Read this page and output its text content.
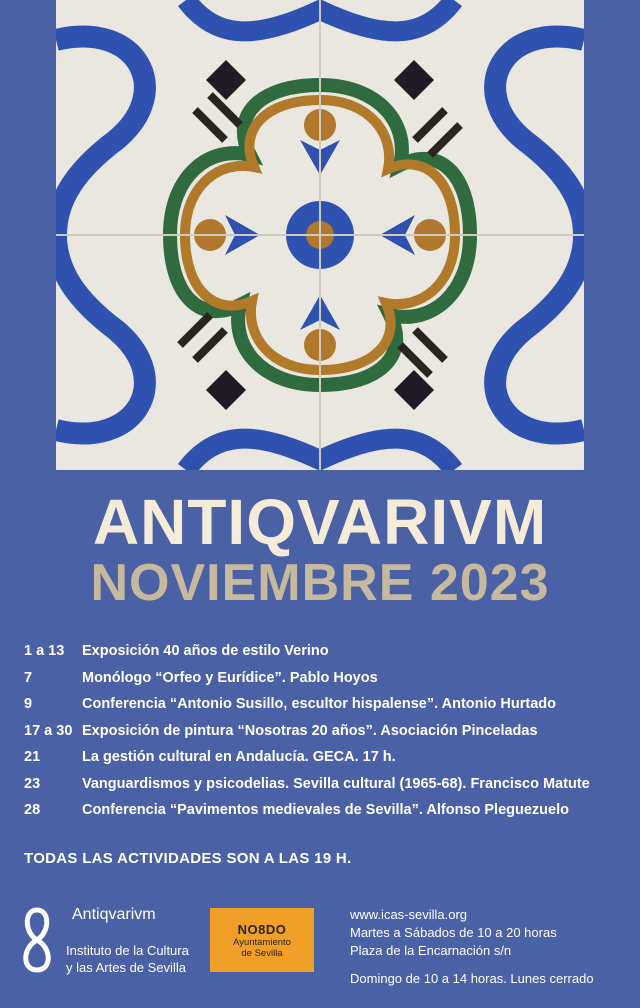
ANTIQVARIVM
NOVIEMBRE 2023
1 a 13	Exposición 40 años de estilo Verino
7	Monólogo “Orfeo y Eurídice”. Pablo Hoyos
9	Conferencia “Antonio Susillo, escultor hispalense”. Antonio Hurtado
17 a 30 Exposición de pintura “Nosotras 20 años”. Asociación Pinceladas
21	La gestión cultural en Andalucía. GECA. 17 h.
23	Vanguardismos y psicodelias. Sevilla cultural (1965-68). Francisco Matute
28	Conferencia “Pavimentos medievales de Sevilla”. Alfonso Pleguezuelo

TODAS LAS ACTIVIDADES SON A LAS 19 H.

Antiqvarivm

Instituto de la Cultura
y las Artes de Sevilla

NO8DO
Ayuntamiento
de Sevilla

www.icas-sevilla.org

Martes a Sábados de 10 a 20 horas

Plaza de la Encarnación s/n

Domingo de 10 a 14 horas. Lunes cerrado
